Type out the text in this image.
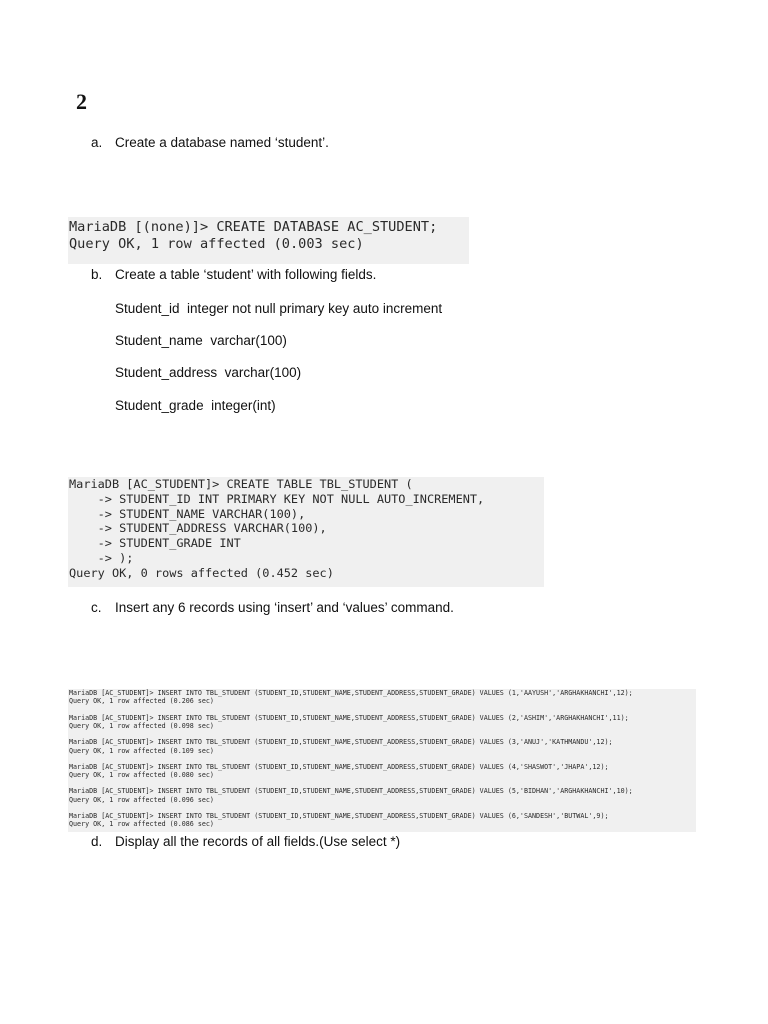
2
a. Create a database named ‘student’.
MariaDB [(none)]> CREATE DATABASE AC_STUDENT;
Query OK, 1 row affected (0.003 sec)
b. Create a table ‘student’ with following fields.
Student_id  integer not null primary key auto increment
Student_name  varchar(100)
Student_address  varchar(100)
Student_grade  integer(int)
MariaDB [AC_STUDENT]> CREATE TABLE TBL_STUDENT (
-> STUDENT_ID INT PRIMARY KEY NOT NULL AUTO_INCREMENT,
-> STUDENT_NAME VARCHAR(100),
-> STUDENT_ADDRESS VARCHAR(100),
-> STUDENT_GRADE INT
-> );
Query OK, 0 rows affected (0.452 sec)
c. Insert any 6 records using ‘insert’ and ‘values’ command.
MariaDB [AC_STUDENT]> INSERT INTO TBL_STUDENT (STUDENT_ID,STUDENT_NAME,STUDENT_ADDRESS,STUDENT_GRADE) VALUES (1,'AAYUSH','ARGHAKHANCHI',12);
Query OK, 1 row affected (0.206 sec)
MariaDB [AC_STUDENT]> INSERT INTO TBL_STUDENT (STUDENT_ID,STUDENT_NAME,STUDENT_ADDRESS,STUDENT_GRADE) VALUES (2,'ASHIM','ARGHAKHANCHI',11);
Query OK, 1 row affected (0.098 sec)
MariaDB [AC_STUDENT]> INSERT INTO TBL_STUDENT (STUDENT_ID,STUDENT_NAME,STUDENT_ADDRESS,STUDENT_GRADE) VALUES (3,'ANUJ','KATHMANDU',12);
Query OK, 1 row affected (0.109 sec)
MariaDB [AC_STUDENT]> INSERT INTO TBL_STUDENT (STUDENT_ID,STUDENT_NAME,STUDENT_ADDRESS,STUDENT_GRADE) VALUES (4,'SHASWOT','JHAPA',12);
Query OK, 1 row affected (0.080 sec)
MariaDB [AC_STUDENT]> INSERT INTO TBL_STUDENT (STUDENT_ID,STUDENT_NAME,STUDENT_ADDRESS,STUDENT_GRADE) VALUES (5,'BIDHAN','ARGHAKHANCHI',10);
Query OK, 1 row affected (0.096 sec)
MariaDB [AC_STUDENT]> INSERT INTO TBL_STUDENT (STUDENT_ID,STUDENT_NAME,STUDENT_ADDRESS,STUDENT_GRADE) VALUES (6,'SANDESH','BUTWAL',9);
Query OK, 1 row affected (0.086 sec)
d. Display all the records of all fields.(Use select *)
